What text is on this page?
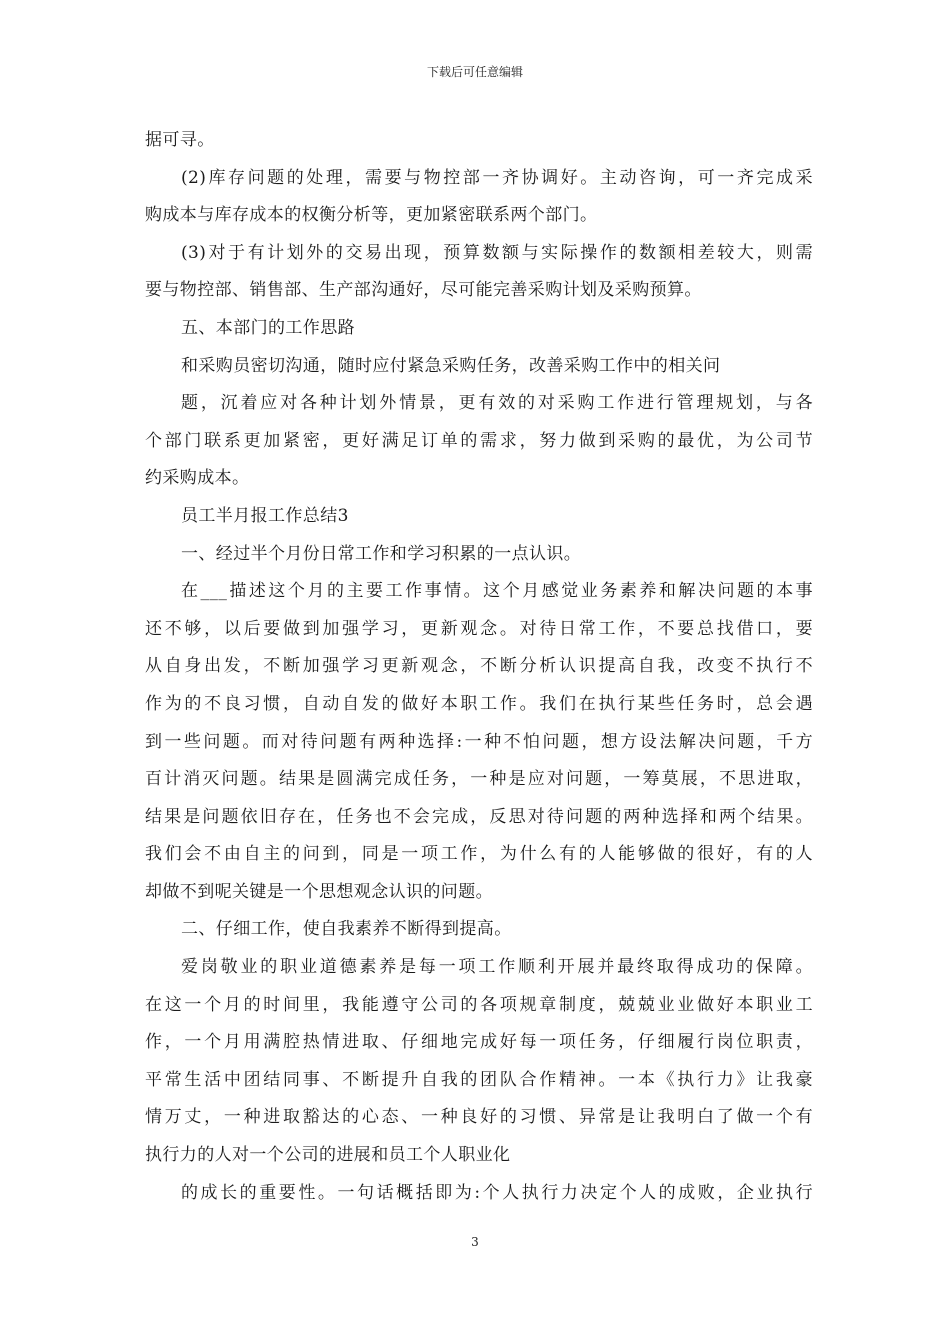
下载后可任意编辑
据可寻。
(2)库存问题的处理，需要与物控部一齐协调好。主动咨询，可一齐完成采
购成本与库存成本的权衡分析等，更加紧密联系两个部门。
(3)对于有计划外的交易出现，预算数额与实际操作的数额相差较大，则需
要与物控部、销售部、生产部沟通好，尽可能完善采购计划及采购预算。
五、本部门的工作思路
和采购员密切沟通，随时应付紧急采购任务，改善采购工作中的相关问
题，沉着应对各种计划外情景，更有效的对采购工作进行管理规划，与各
个部门联系更加紧密，更好满足订单的需求，努力做到采购的最优，为公司节
约采购成本。
员工半月报工作总结3
一、经过半个月份日常工作和学习积累的一点认识。
在___描述这个月的主要工作事情。这个月感觉业务素养和解决问题的本事
还不够，以后要做到加强学习，更新观念。对待日常工作，不要总找借口，要
从自身出发，不断加强学习更新观念，不断分析认识提高自我，改变不执行不
作为的不良习惯，自动自发的做好本职工作。我们在执行某些任务时，总会遇
到一些问题。而对待问题有两种选择:一种不怕问题，想方设法解决问题，千方
百计消灭问题。结果是圆满完成任务，一种是应对问题，一筹莫展，不思进取，
结果是问题依旧存在，任务也不会完成，反思对待问题的两种选择和两个结果。
我们会不由自主的问到，同是一项工作，为什么有的人能够做的很好，有的人
却做不到呢关键是一个思想观念认识的问题。
二、仔细工作，使自我素养不断得到提高。
爱岗敬业的职业道德素养是每一项工作顺利开展并最终取得成功的保障。
在这一个月的时间里，我能遵守公司的各项规章制度，兢兢业业做好本职业工
作，一个月用满腔热情进取、仔细地完成好每一项任务，仔细履行岗位职责，
平常生活中团结同事、不断提升自我的团队合作精神。一本《执行力》让我豪
情万丈，一种进取豁达的心态、一种良好的习惯、异常是让我明白了做一个有
执行力的人对一个公司的进展和员工个人职业化
的成长的重要性。一句话概括即为:个人执行力决定个人的成败，企业执行
3
